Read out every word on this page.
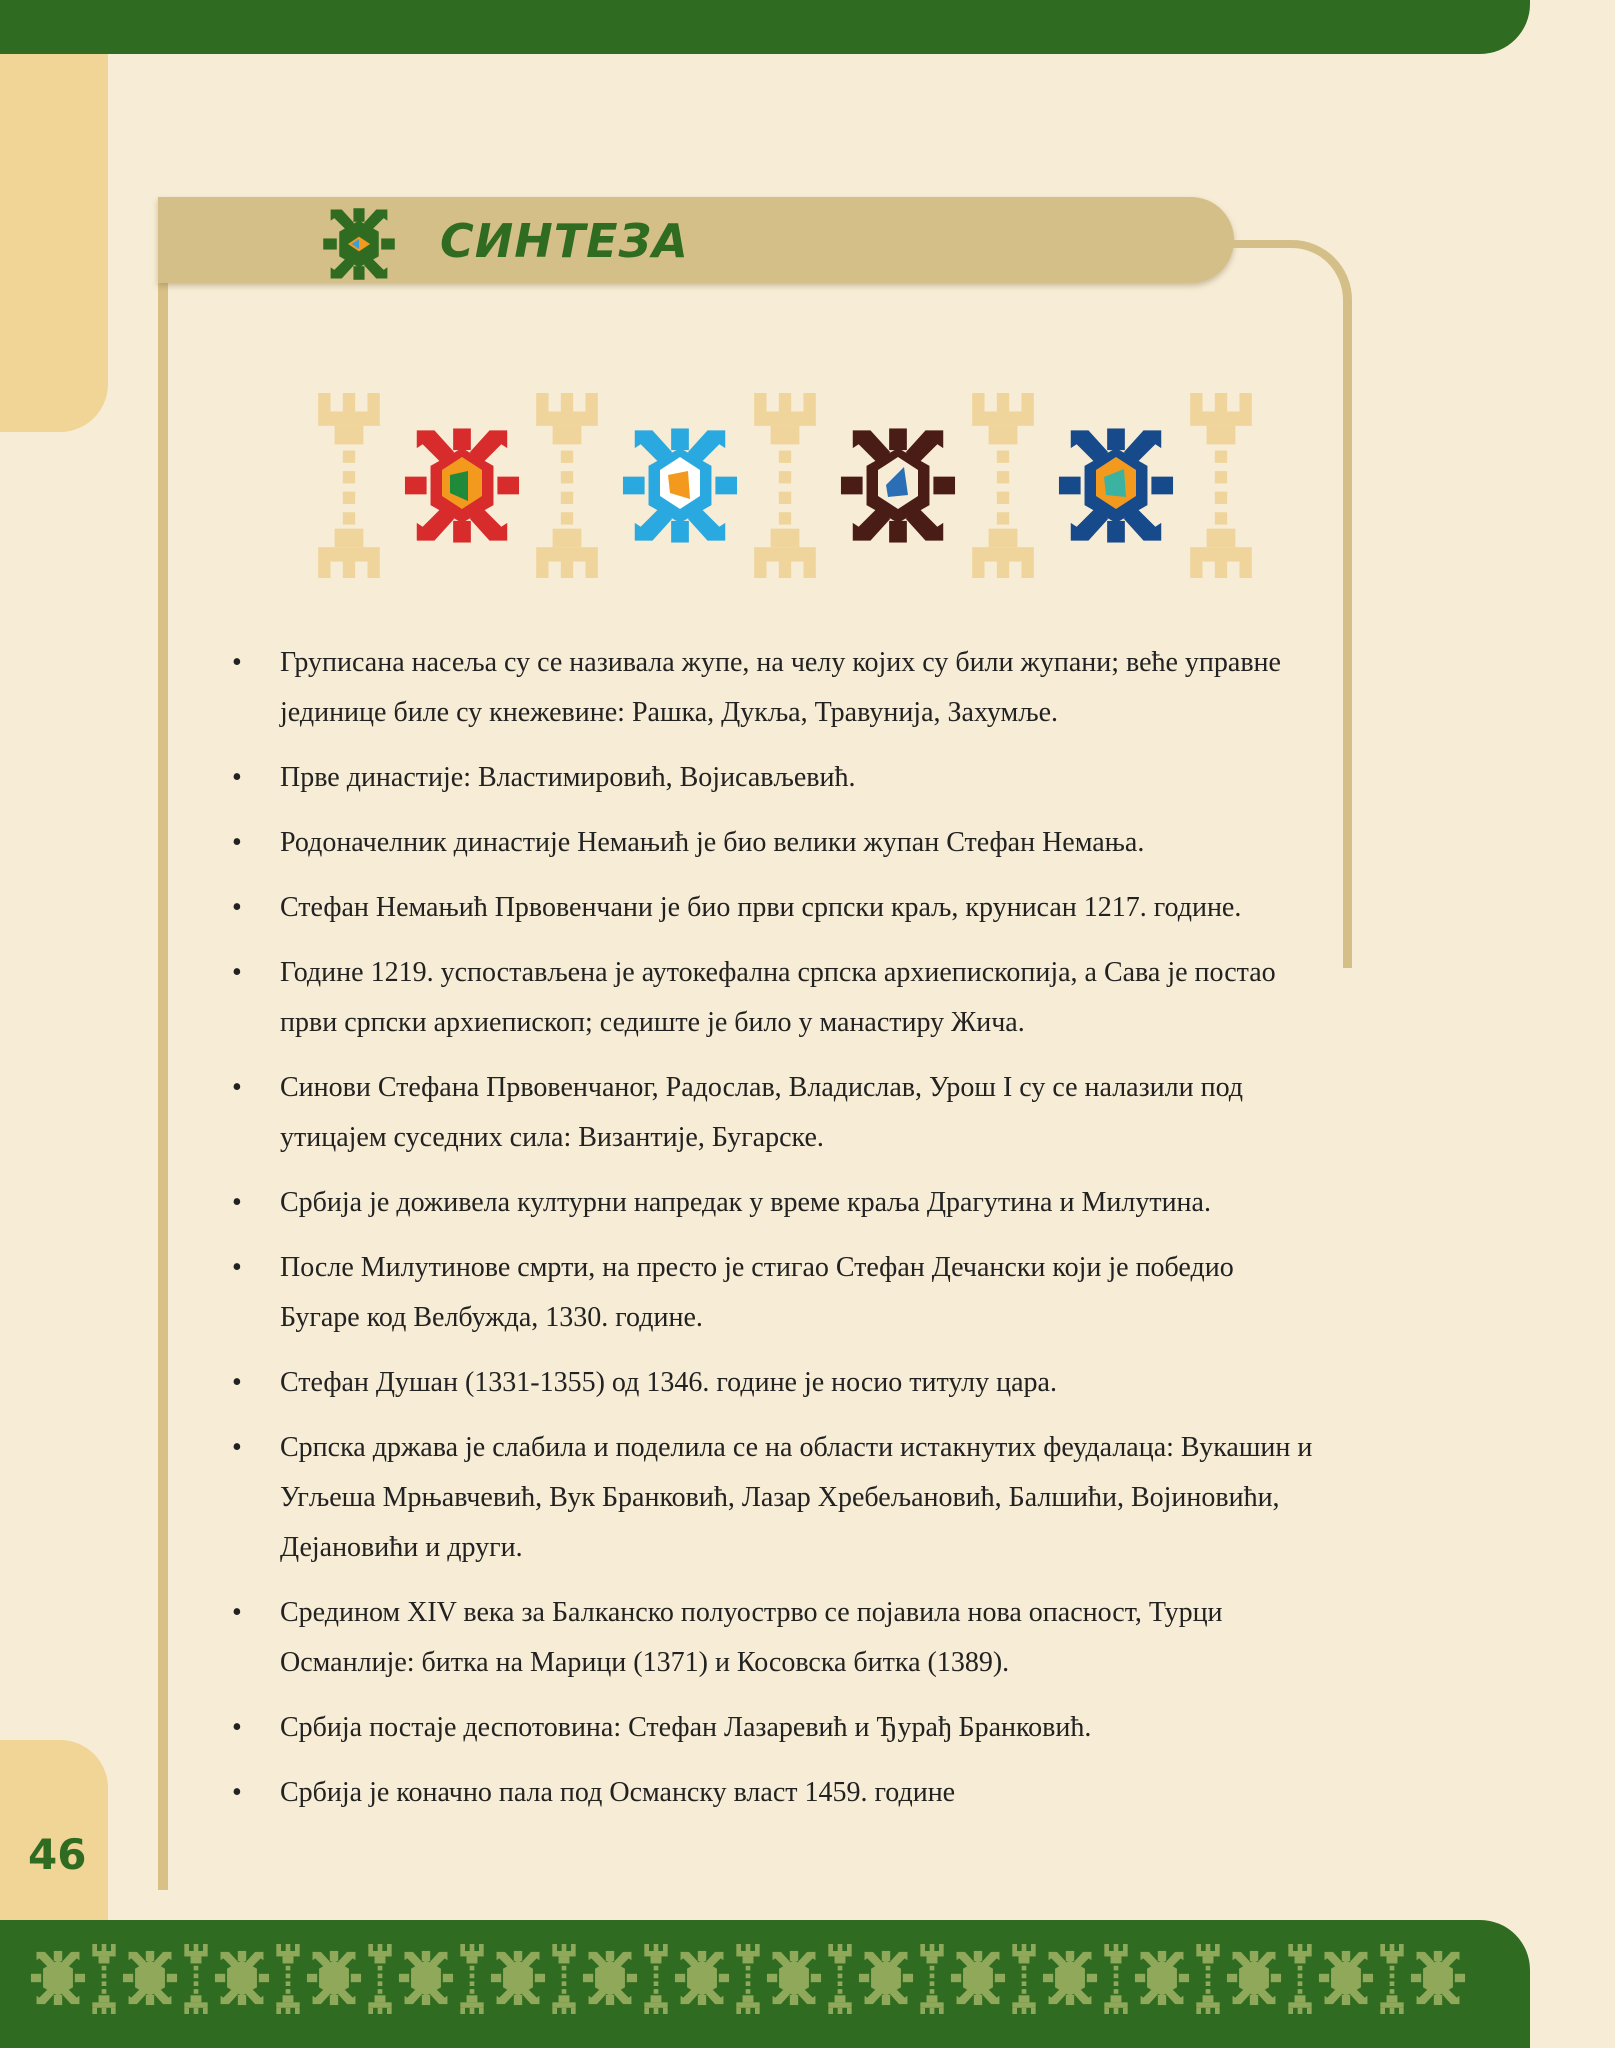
46

СИНТЕЗА
• Груписана насеља су се називала жупе, на челу којих су били жупани; веће управне јединице биле су кнежевине: Рашка, Дукља, Травунија, Захумље.
• Прве династије: Властимировић, Војисављевић.
• Родоначелник династије Немањић је био велики жупан Стефан Немања.
• Стефан Немањић Првовенчани је био први српски краљ, крунисан 1217. године.
• Године 1219. успостављена је аутокефална српска архиепископија, а Сава је постао први српски архиепископ; седиште је било у манастиру Жича.
• Синови Стефана Првовенчаног, Радослав, Владислав, Урош I су се налазили под утицајем суседних сила: Византије, Бугарске.
• Србија је доживела културни напредак у време краља Драгутина и Милутина.
• После Милутинове смрти, на престо је стигао Стефан Дечански који је победио Бугаре код Велбужда, 1330. године.
• Стефан Душан (1331-1355) од 1346. године је носио титулу цара.
• Српска држава је слабила и поделила се на области истакнутих феудалаца: Вукашин и Угљеша Мрњавчевић, Вук Бранковић, Лазар Хребељановић, Балшићи, Војиновићи, Дејановићи и други.
• Средином XIV века за Балканско полуострво се појавила нова опасност, Турци Османлије: битка на Марици (1371) и Косовска битка (1389).
• Србија постаје деспотовина: Стефан Лазаревић и Ђурађ Бранковић.
• Србија је коначно пала под Османску власт 1459. године
